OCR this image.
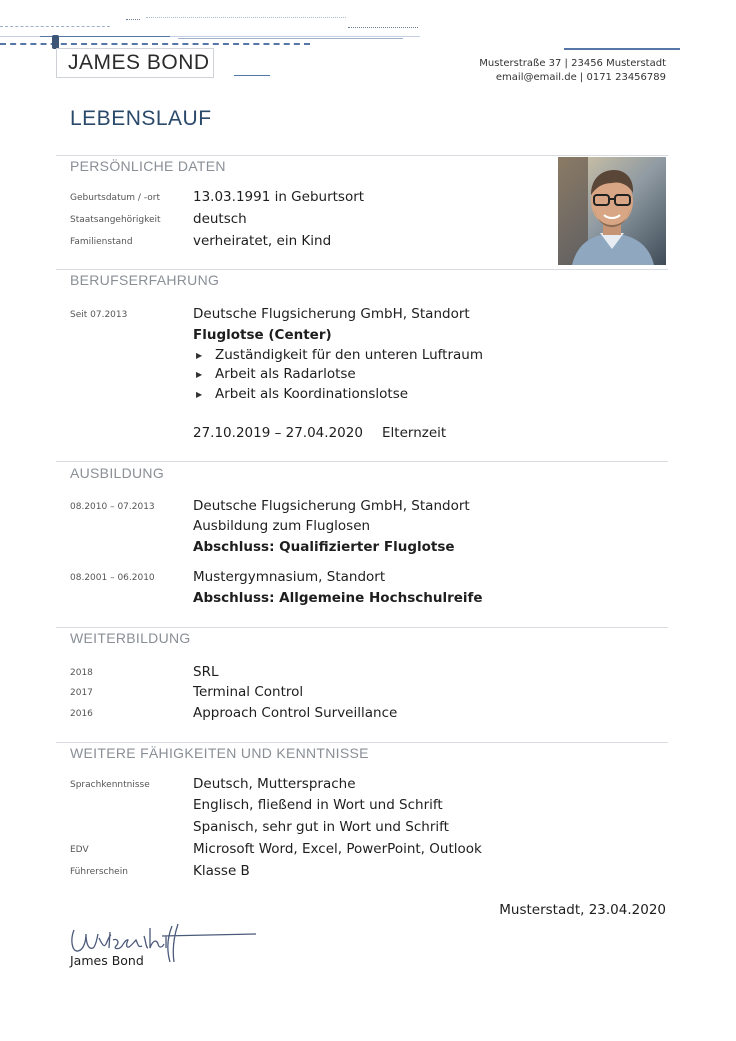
JAMES BOND	Musterstraße 37 | 23456 Musterstadt
email@email.de | 0171 23456789
LEBENSLAUF
PERSÖNLICHE DATEN
Geburtsdatum / -ort 13.03.1991 in Geburtsort
Staatsangehörigkeit deutsch
Familienstand	verheiratet, ein Kind
BERUFSERFAHRUNG
Seit 07.2013	Deutsche Flugsicherung GmbH, Standort
Fluglotse (Center)
▶ Zuständigkeit für den unteren Luftraum
▶ Arbeit als Radarlotse
▶ Arbeit als Koordinationslotse
27.10.2019 – 27.04.2020 Elternzeit
AUSBILDUNG
08.2010 – 07.2013	Deutsche Flugsicherung GmbH, Standort
Ausbildung zum Fluglosen
Abschluss: Qualifizierter Fluglotse
08.2001 – 06.2010	Mustergymnasium, Standort
Abschluss: Allgemeine Hochschulreife
WEITERBILDUNG
2018	SRL
2017	Terminal Control
2016	Approach Control Surveillance
WEITERE FÄHIGKEITEN UND KENNTNISSE
Sprachkenntnisse	Deutsch, Muttersprache
Englisch, fließend in Wort und Schrift
Spanisch, sehr gut in Wort und Schrift
EDV	Microsoft Word, Excel, PowerPoint, Outlook
Führerschein	Klasse B
Musterstadt, 23.04.2020
James Bond
